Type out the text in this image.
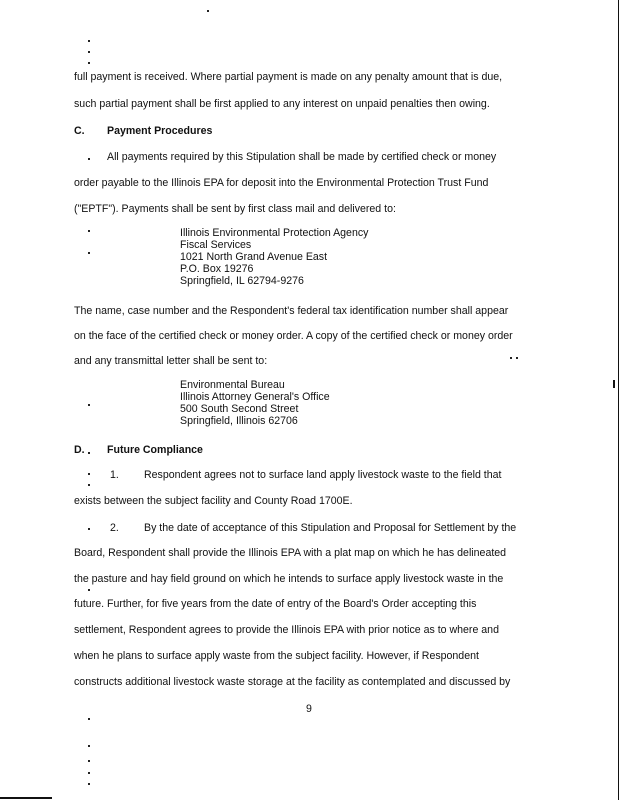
full payment is received. Where partial payment is made on any penalty amount that is due,
such partial payment shall be first applied to any interest on unpaid penalties then owing.
C. Payment Procedures
All payments required by this Stipulation shall be made by certified check or money
order payable to the Illinois EPA for deposit into the Environmental Protection Trust Fund
("EPTF"). Payments shall be sent by first class mail and delivered to:
Illinois Environmental Protection Agency
Fiscal Services
1021 North Grand Avenue East
P.O. Box 19276
Springfield, IL 62794-9276
The name, case number and the Respondent's federal tax identification number shall appear
on the face of the certified check or money order. A copy of the certified check or money order
and any transmittal letter shall be sent to:
Environmental Bureau
Illinois Attorney General's Office
500 South Second Street
Springfield, Illinois 62706
D. Future Compliance
1. Respondent agrees not to surface land apply livestock waste to the field that
exists between the subject facility and County Road 1700E.
2. By the date of acceptance of this Stipulation and Proposal for Settlement by the
Board, Respondent shall provide the Illinois EPA with a plat map on which he has delineated
the pasture and hay field ground on which he intends to surface apply livestock waste in the
future. Further, for five years from the date of entry of the Board's Order accepting this
settlement, Respondent agrees to provide the Illinois EPA with prior notice as to where and
when he plans to surface apply waste from the subject facility. However, if Respondent
constructs additional livestock waste storage at the facility as contemplated and discussed by
9
